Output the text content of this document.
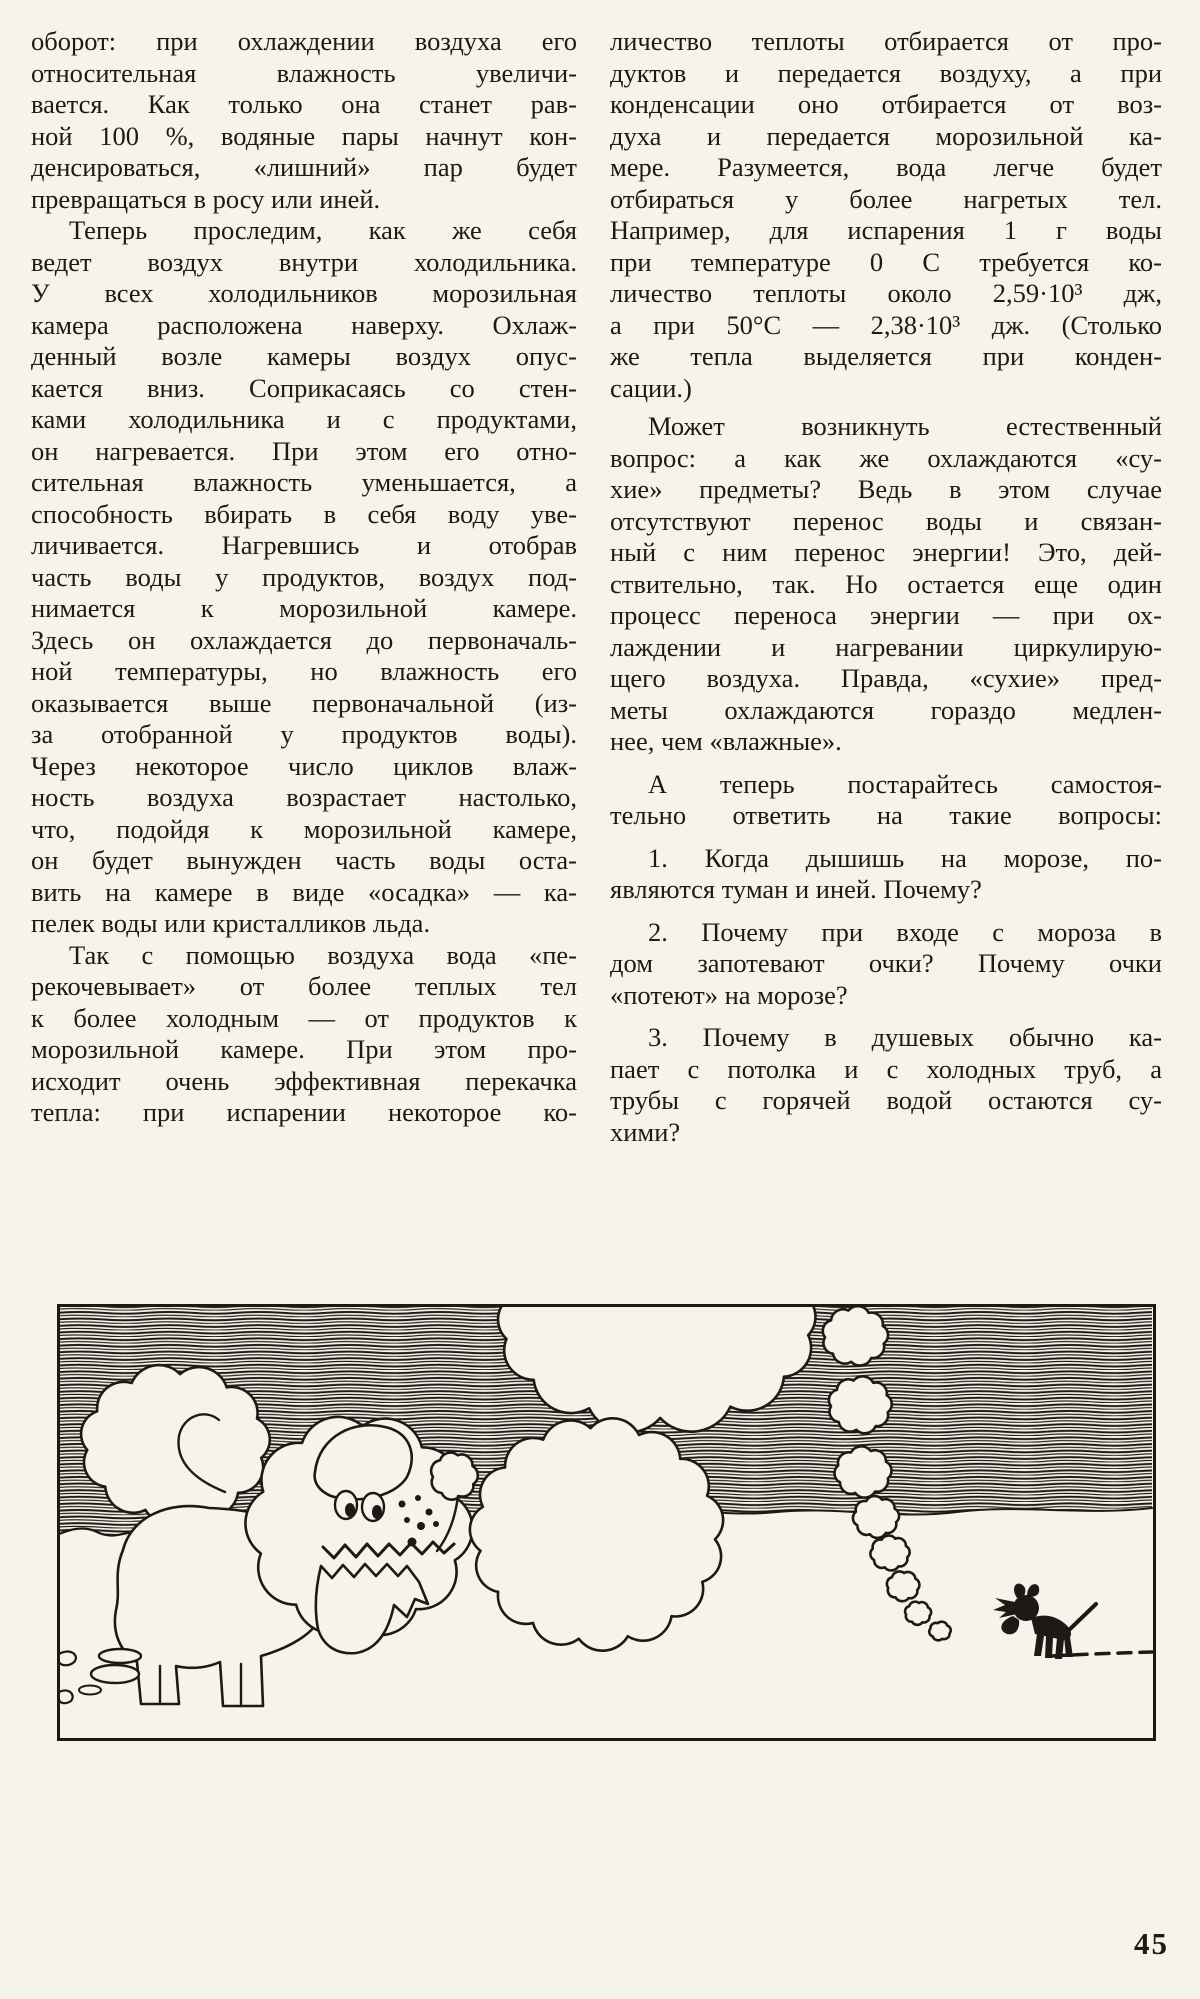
оборот: при охлаждении воздуха его
относительная влажность увеличи-
вается. Как только она станет рав-
ной 100 %, водяные пары начнут кон-
денсироваться, «лишний» пар будет
превращаться в росу или иней.
Теперь проследим, как же себя
ведет воздух внутри холодильника.
У всех холодильников морозильная
камера расположена наверху. Охлаж-
денный возле камеры воздух опус-
кается вниз. Соприкасаясь со стен-
ками холодильника и с продуктами,
он нагревается. При этом его отно-
сительная влажность уменьшается, а
способность вбирать в себя воду уве-
личивается. Нагревшись и отобрав
часть воды у продуктов, воздух под-
нимается к морозильной камере.
Здесь он охлаждается до первоначаль-
ной температуры, но влажность его
оказывается выше первоначальной (из-
за отобранной у продуктов воды).
Через некоторое число циклов влаж-
ность воздуха возрастает настолько,
что, подойдя к морозильной камере,
он будет вынужден часть воды оста-
вить на камере в виде «осадка» — ка-
пелек воды или кристалликов льда.
Так с помощью воздуха вода «пе-
рекочевывает» от более теплых тел
к более холодным — от продуктов к
морозильной камере. При этом про-
исходит очень эффективная перекачка
тепла: при испарении некоторое ко-
личество теплоты отбирается от про-
дуктов и передается воздуху, а при
конденсации оно отбирается от воз-
духа и передается морозильной ка-
мере. Разумеется, вода легче будет
отбираться у более нагретых тел.
Например, для испарения 1 г воды
при температуре 0 С требуется ко-
личество теплоты около 2,59·10³ дж,
а при 50°С — 2,38·10³ дж. (Столько
же тепла выделяется при конден-
сации.)
Может возникнуть естественный
вопрос: а как же охлаждаются «су-
хие» предметы? Ведь в этом случае
отсутствуют перенос воды и связан-
ный с ним перенос энергии! Это, дей-
ствительно, так. Но остается еще один
процесс переноса энергии — при ох-
лаждении и нагревании циркулирую-
щего воздуха. Правда, «сухие» пред-
меты охлаждаются гораздо медлен-
нее, чем «влажные».
А теперь постарайтесь самостоя-
тельно ответить на такие вопросы:
1. Когда дышишь на морозе, по-
являются туман и иней. Почему?
2. Почему при входе с мороза в
дом запотевают очки? Почему очки
«потеют» на морозе?
3. Почему в душевых обычно ка-
пает с потолка и с холодных труб, а
трубы с горячей водой остаются су-
хими?
45
